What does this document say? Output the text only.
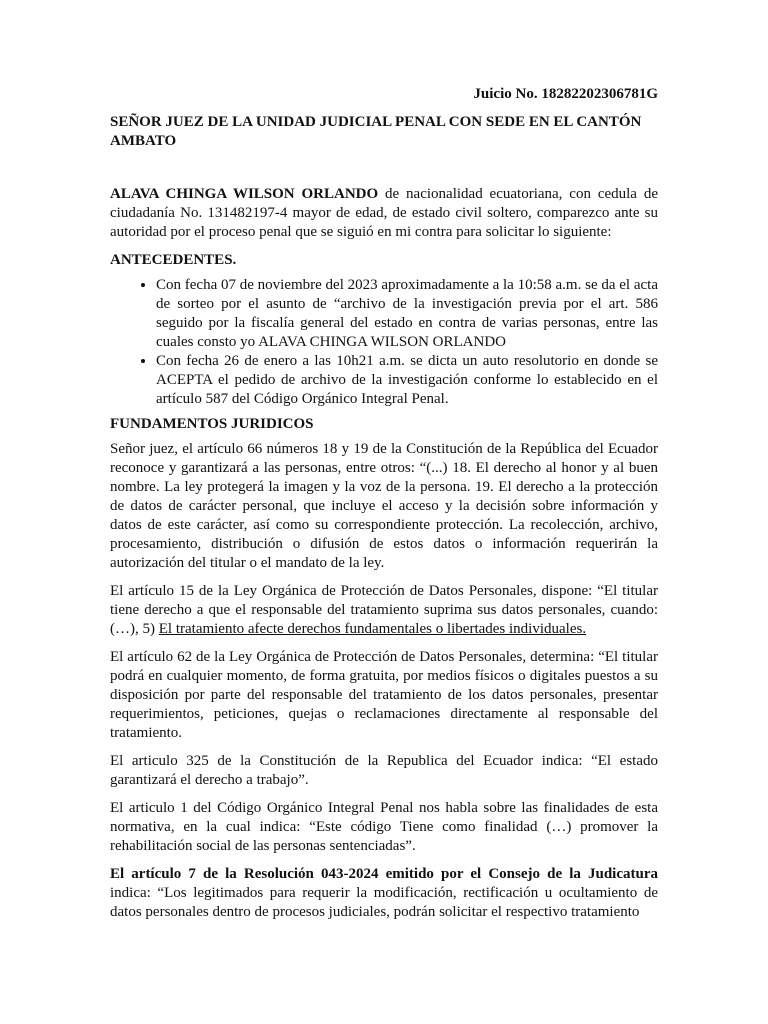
Juicio No. 18282202306781G
SEÑOR JUEZ DE LA UNIDAD JUDICIAL PENAL CON SEDE EN EL CANTÓN AMBATO

ALAVA CHINGA WILSON ORLANDO de nacionalidad ecuatoriana, con cedula de ciudadanía No. 131482197-4 mayor de edad, de estado civil soltero, comparezco ante su autoridad por el proceso penal que se siguió en mi contra para solicitar lo siguiente:

ANTECEDENTES.
• Con fecha 07 de noviembre del 2023 aproximadamente a la 10:58 a.m. se da el acta de sorteo por el asunto de “archivo de la investigación previa por el art. 586 seguido por la fiscalía general del estado en contra de varias personas, entre las cuales consto yo ALAVA CHINGA WILSON ORLANDO
• Con fecha 26 de enero a las 10h21 a.m. se dicta un auto resolutorio en donde se ACEPTA el pedido de archivo de la investigación conforme lo establecido en el artículo 587 del Código Orgánico Integral Penal.
FUNDAMENTOS JURIDICOS

Señor juez, el artículo 66 números 18 y 19 de la Constitución de la República del Ecuador reconoce y garantizará a las personas, entre otros: “(...) 18. El derecho al honor y al buen nombre. La ley protegerá la imagen y la voz de la persona. 19. El derecho a la protección de datos de carácter personal, que incluye el acceso y la decisión sobre información y datos de este carácter, así como su correspondiente protección. La recolección, archivo, procesamiento, distribución o difusión de estos datos o información requerirán la autorización del titular o el mandato de la ley.

El artículo 15 de la Ley Orgánica de Protección de Datos Personales, dispone: “El titular tiene derecho a que el responsable del tratamiento suprima sus datos personales, cuando: (…), 5) El tratamiento afecte derechos fundamentales o libertades individuales.

El artículo 62 de la Ley Orgánica de Protección de Datos Personales, determina: “El titular podrá en cualquier momento, de forma gratuita, por medios físicos o digitales puestos a su disposición por parte del responsable del tratamiento de los datos personales, presentar requerimientos, peticiones, quejas o reclamaciones directamente al responsable del tratamiento.

El articulo 325 de la Constitución de la Republica del Ecuador indica: “El estado garantizará el derecho a trabajo”.

El articulo 1 del Código Orgánico Integral Penal nos habla sobre las finalidades de esta normativa, en la cual indica: “Este código Tiene como finalidad (…) promover la rehabilitación social de las personas sentenciadas”.

El artículo 7 de la Resolución 043-2024 emitido por el Consejo de la Judicatura indica: “Los legitimados para requerir la modificación, rectificación u ocultamiento de datos personales dentro de procesos judiciales, podrán solicitar el respectivo tratamiento
